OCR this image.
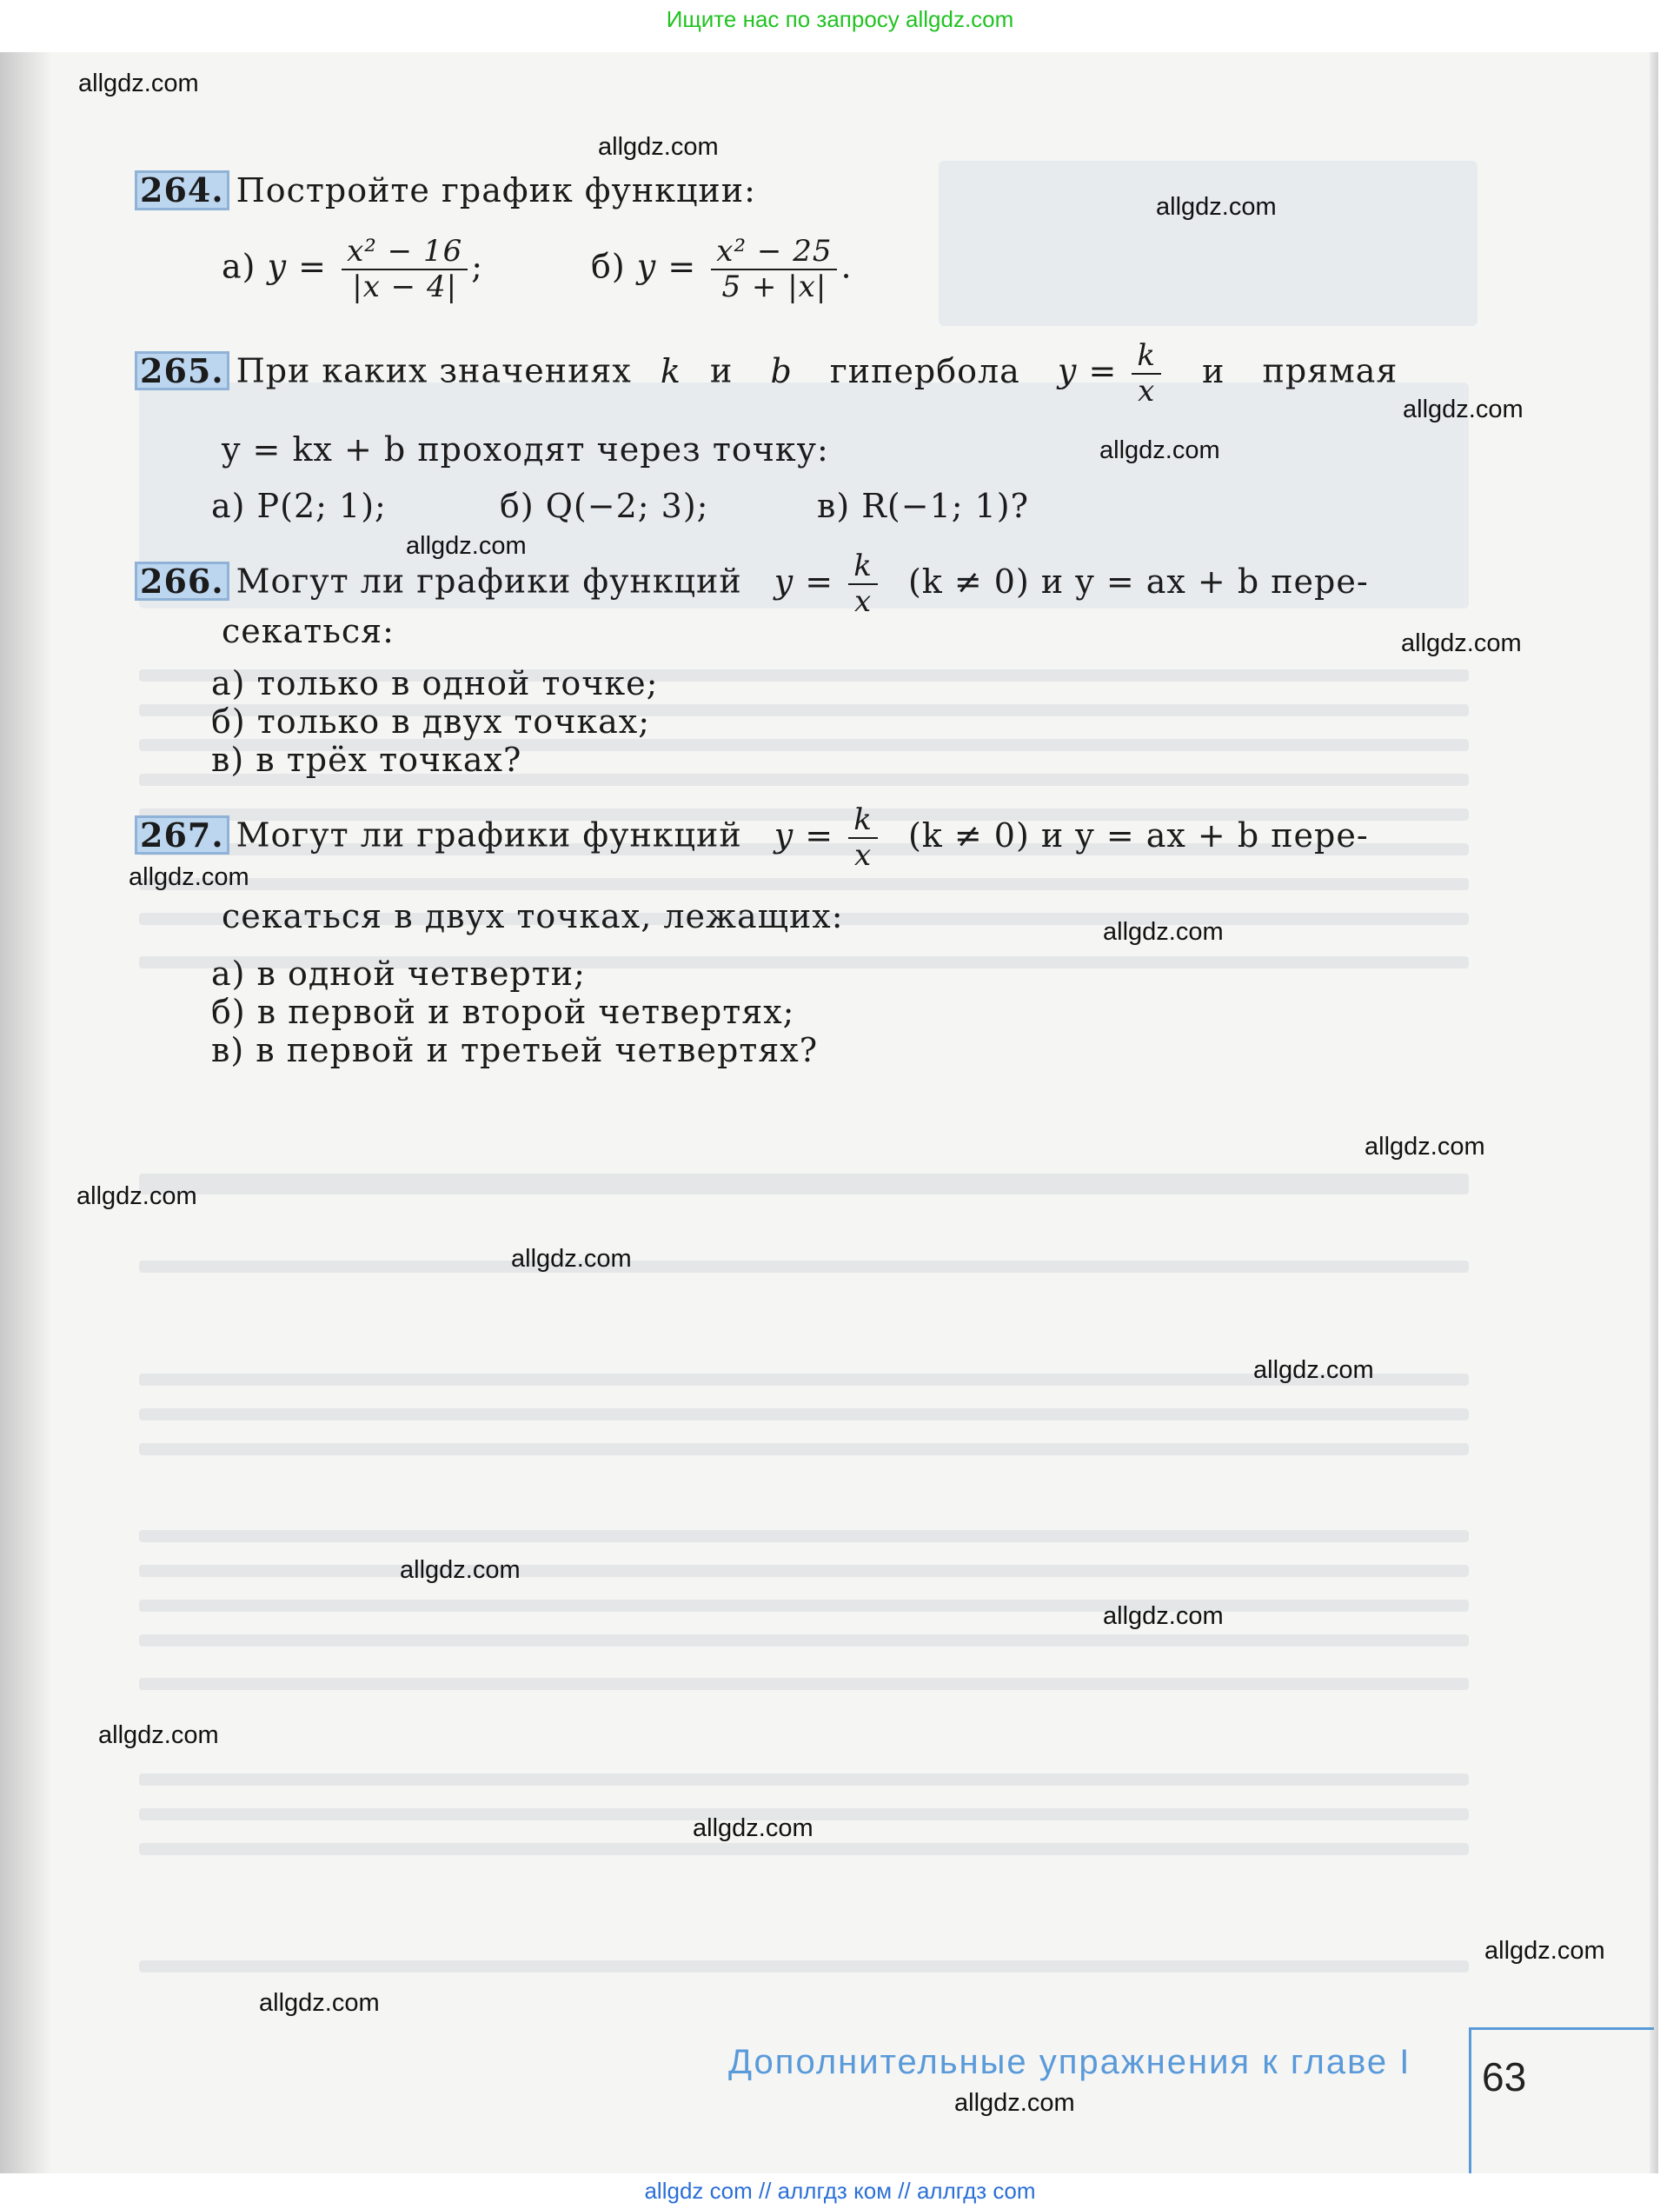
Ищите нас по запросу allgdz.com
allgdz com // аллгдз ком // аллгдз com
allgdz.com
allgdz.com
allgdz.com
allgdz.com
allgdz.com
allgdz.com
allgdz.com
allgdz.com
allgdz.com
allgdz.com
allgdz.com
allgdz.com
allgdz.com
allgdz.com
allgdz.com
allgdz.com
allgdz.com
allgdz.com
allgdz.com
allgdz.com
264. Постройте график функции:
а) $y = \frac{\text{x² − 16}}{|x - 4|}$ ;	б) $y = \frac{\text{x² − 25}}{5 + |x|}$ .
265. При каких значениях k и b гипербола $y = \frac{k}{x}$ и прямая
y = kx + b проходят через точку:
а) P(2; 1);	б) Q(−2; 3);	в) R(−1; 1)?
266. Могут ли графики функций $y = \frac{k}{x} (k \ne 0)$ и y = ax + b пере-
секаться:
а) только в одной точке;
б) только в двух точках;
в) в трёх точках?
267. Могут ли графики функций $y = \frac{k}{x} (k \ne 0)$ и y = ax + b пере-
секаться в двух точках, лежащих:
а) в одной четверти;
б) в первой и второй четвертях;
в) в первой и третьей четвертях?
Дополнительные упражнения к главе I 63
